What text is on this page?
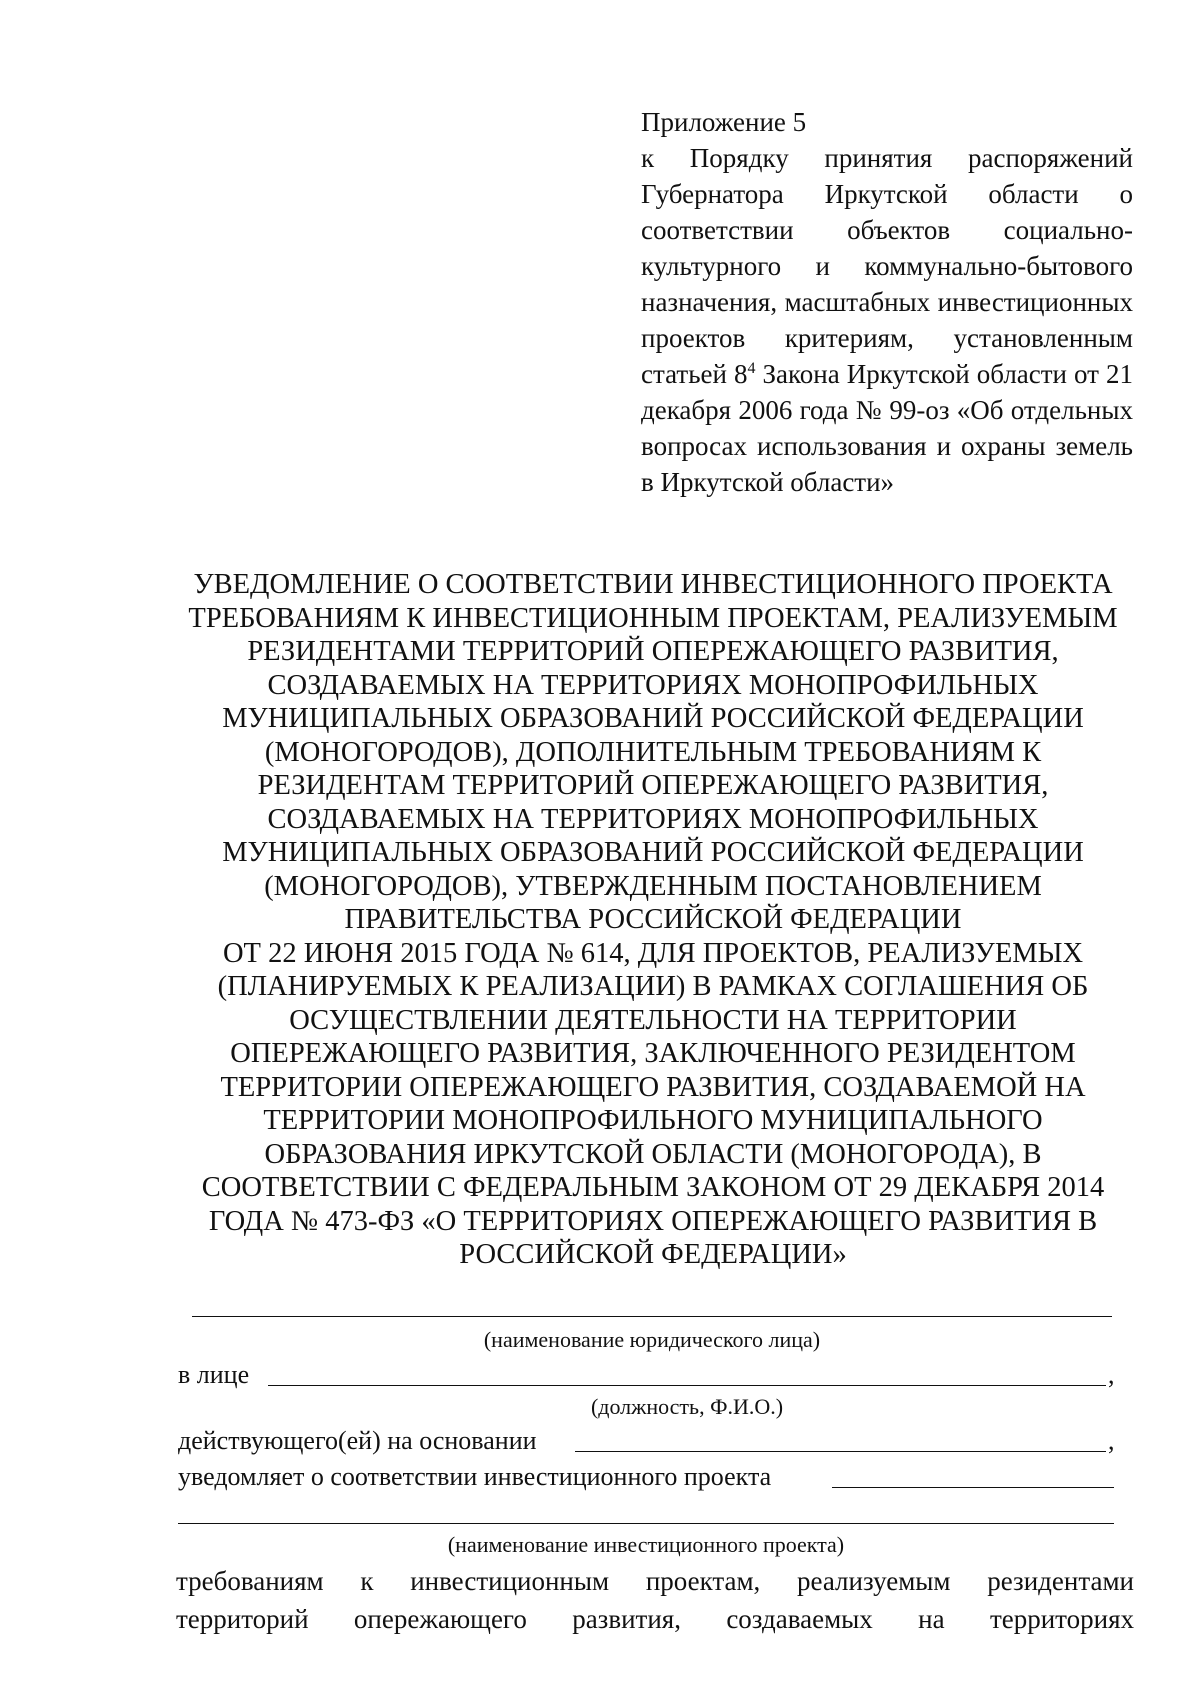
Приложение 5
к Порядку принятия распоряжений Губернатора Иркутской области о соответствии объектов социально-культурного и коммунально-бытового назначения, масштабных инвестиционных проектов критериям, установленным статьей $8^4$ Закона Иркутской области от 21 декабря 2006 года № 99-оз «Об отдельных вопросах использования и охраны земель в Иркутской области»
УВЕДОМЛЕНИЕ О СООТВЕТСТВИИ ИНВЕСТИЦИОННОГО ПРОЕКТА
ТРЕБОВАНИЯМ К ИНВЕСТИЦИОННЫМ ПРОЕКТАМ, РЕАЛИЗУЕМЫМ
РЕЗИДЕНТАМИ ТЕРРИТОРИЙ ОПЕРЕЖАЮЩЕГО РАЗВИТИЯ,
СОЗДАВАЕМЫХ НА ТЕРРИТОРИЯХ МОНОПРОФИЛЬНЫХ
МУНИЦИПАЛЬНЫХ ОБРАЗОВАНИЙ РОССИЙСКОЙ ФЕДЕРАЦИИ
(МОНОГОРОДОВ), ДОПОЛНИТЕЛЬНЫМ ТРЕБОВАНИЯМ К
РЕЗИДЕНТАМ ТЕРРИТОРИЙ ОПЕРЕЖАЮЩЕГО РАЗВИТИЯ,
СОЗДАВАЕМЫХ НА ТЕРРИТОРИЯХ МОНОПРОФИЛЬНЫХ
МУНИЦИПАЛЬНЫХ ОБРАЗОВАНИЙ РОССИЙСКОЙ ФЕДЕРАЦИИ
(МОНОГОРОДОВ), УТВЕРЖДЕННЫМ ПОСТАНОВЛЕНИЕМ
ПРАВИТЕЛЬСТВА РОССИЙСКОЙ ФЕДЕРАЦИИ
ОТ 22 ИЮНЯ 2015 ГОДА № 614, ДЛЯ ПРОЕКТОВ, РЕАЛИЗУЕМЫХ
(ПЛАНИРУЕМЫХ К РЕАЛИЗАЦИИ) В РАМКАХ СОГЛАШЕНИЯ ОБ
ОСУЩЕСТВЛЕНИИ ДЕЯТЕЛЬНОСТИ НА ТЕРРИТОРИИ
ОПЕРЕЖАЮЩЕГО РАЗВИТИЯ, ЗАКЛЮЧЕННОГО РЕЗИДЕНТОМ
ТЕРРИТОРИИ ОПЕРЕЖАЮЩЕГО РАЗВИТИЯ, СОЗДАВАЕМОЙ НА
ТЕРРИТОРИИ МОНОПРОФИЛЬНОГО МУНИЦИПАЛЬНОГО
ОБРАЗОВАНИЯ ИРКУТСКОЙ ОБЛАСТИ (МОНОГОРОДА), В
СООТВЕТСТВИИ С ФЕДЕРАЛЬНЫМ ЗАКОНОМ ОТ 29 ДЕКАБРЯ 2014
ГОДА № 473-ФЗ «О ТЕРРИТОРИЯХ ОПЕРЕЖАЮЩЕГО РАЗВИТИЯ В
РОССИЙСКОЙ ФЕДЕРАЦИИ»
(наименование юридического лица)
в лице	,
(должность, Ф.И.О.)
действующего(ей) на основании	,
уведомляет о соответствии инвестиционного проекта
(наименование инвестиционного проекта)
требованиям к инвестиционным проектам, реализуемым резидентами
территорий опережающего развития, создаваемых на территориях
